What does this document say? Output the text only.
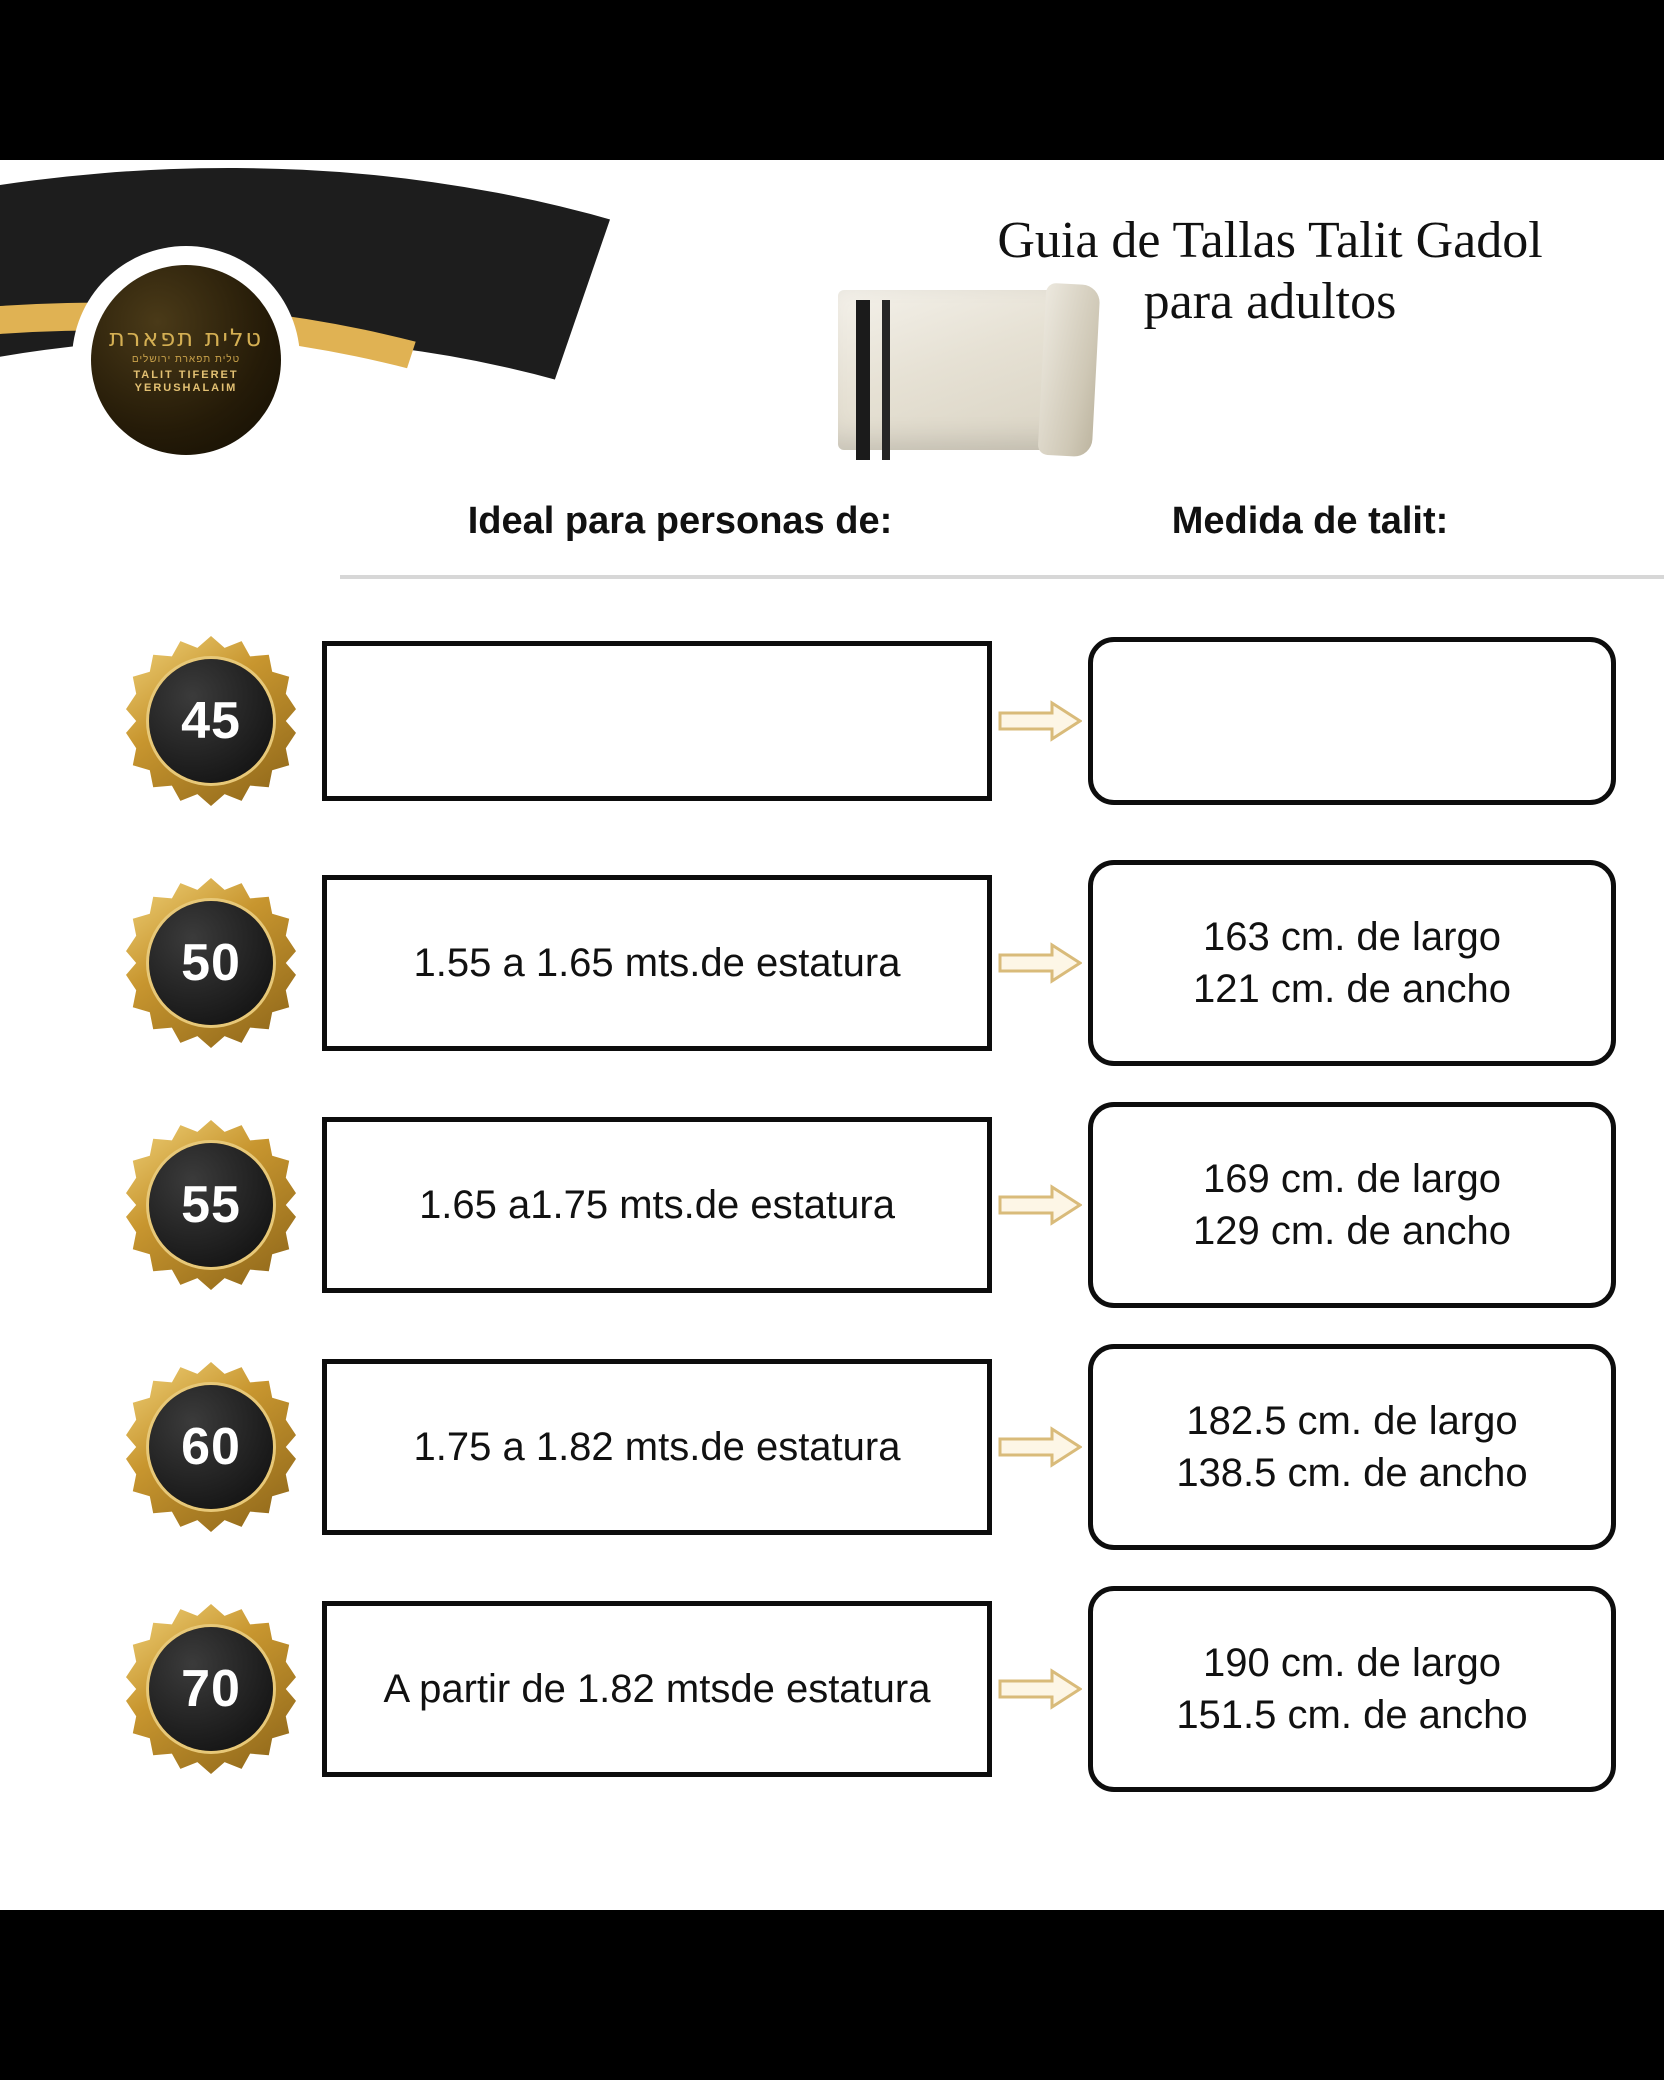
טלית תפארת
טלית תפארת ירושלים
TALIT TIFERET
YERUSHALAIM
Guia de Tallas Talit Gadol
para adultos
Ideal para personas de:	Medida de talit:
45
50	1.55 a 1.65 mts. de estatura
163 cm. de largo
121 cm. de ancho
55	1.65 a1.75 mts. de estatura
169 cm. de largo
129 cm. de ancho
60	1.75 a 1.82 mts. de estatura
182.5 cm. de largo
138.5 cm. de ancho
70	A partir de 1.82 mts de estatura
190 cm. de largo
151.5 cm. de ancho
